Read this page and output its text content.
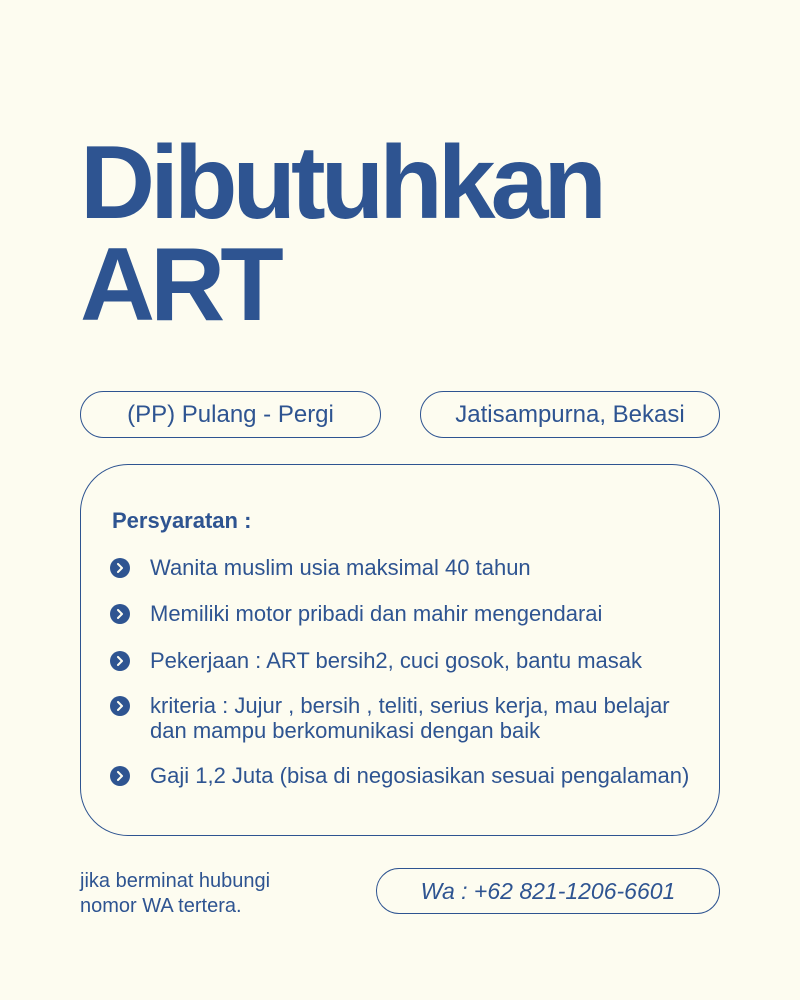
Dibutuhkan
ART
(PP) Pulang - Pergi	Jatisampurna, Bekasi
Persyaratan :
Wanita muslim usia maksimal 40 tahun
Memiliki motor pribadi dan mahir mengendarai
Pekerjaan : ART bersih2, cuci gosok, bantu masak
kriteria : Jujur , bersih , teliti, serius kerja, mau belajar dan mampu berkomunikasi dengan baik
Gaji 1,2 Juta (bisa di negosiasikan sesuai pengalaman)

jika berminat hubungi
nomor WA tertera.

Wa : +62 821-1206-6601
